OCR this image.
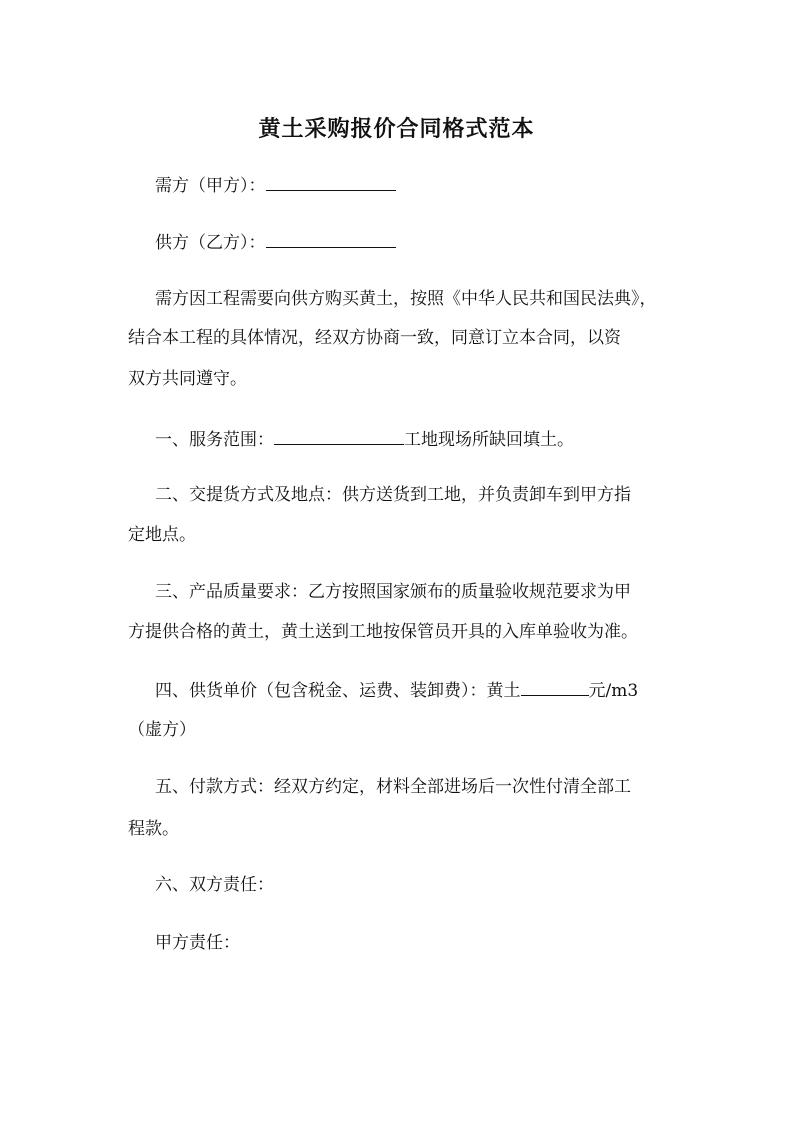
黄土采购报价合同格式范本
需方（甲方）：
供方（乙方）：
需方因工程需要向供方购买黄土，按照《中华人民共和国民法典》，
结合本工程的具体情况，经双方协商一致，同意订立本合同，以资
双方共同遵守。
一、服务范围：	工地现场所缺回填土。
二、交提货方式及地点：供方送货到工地，并负责卸车到甲方指
定地点。
三、产品质量要求：乙方按照国家颁布的质量验收规范要求为甲
方提供合格的黄土，黄土送到工地按保管员开具的入库单验收为准。
四、供货单价（包含税金、运费、装卸费）：黄土	元/m3
（虚方）
五、付款方式：经双方约定，材料全部进场后一次性付清全部工
程款。
六、双方责任：
甲方责任：
